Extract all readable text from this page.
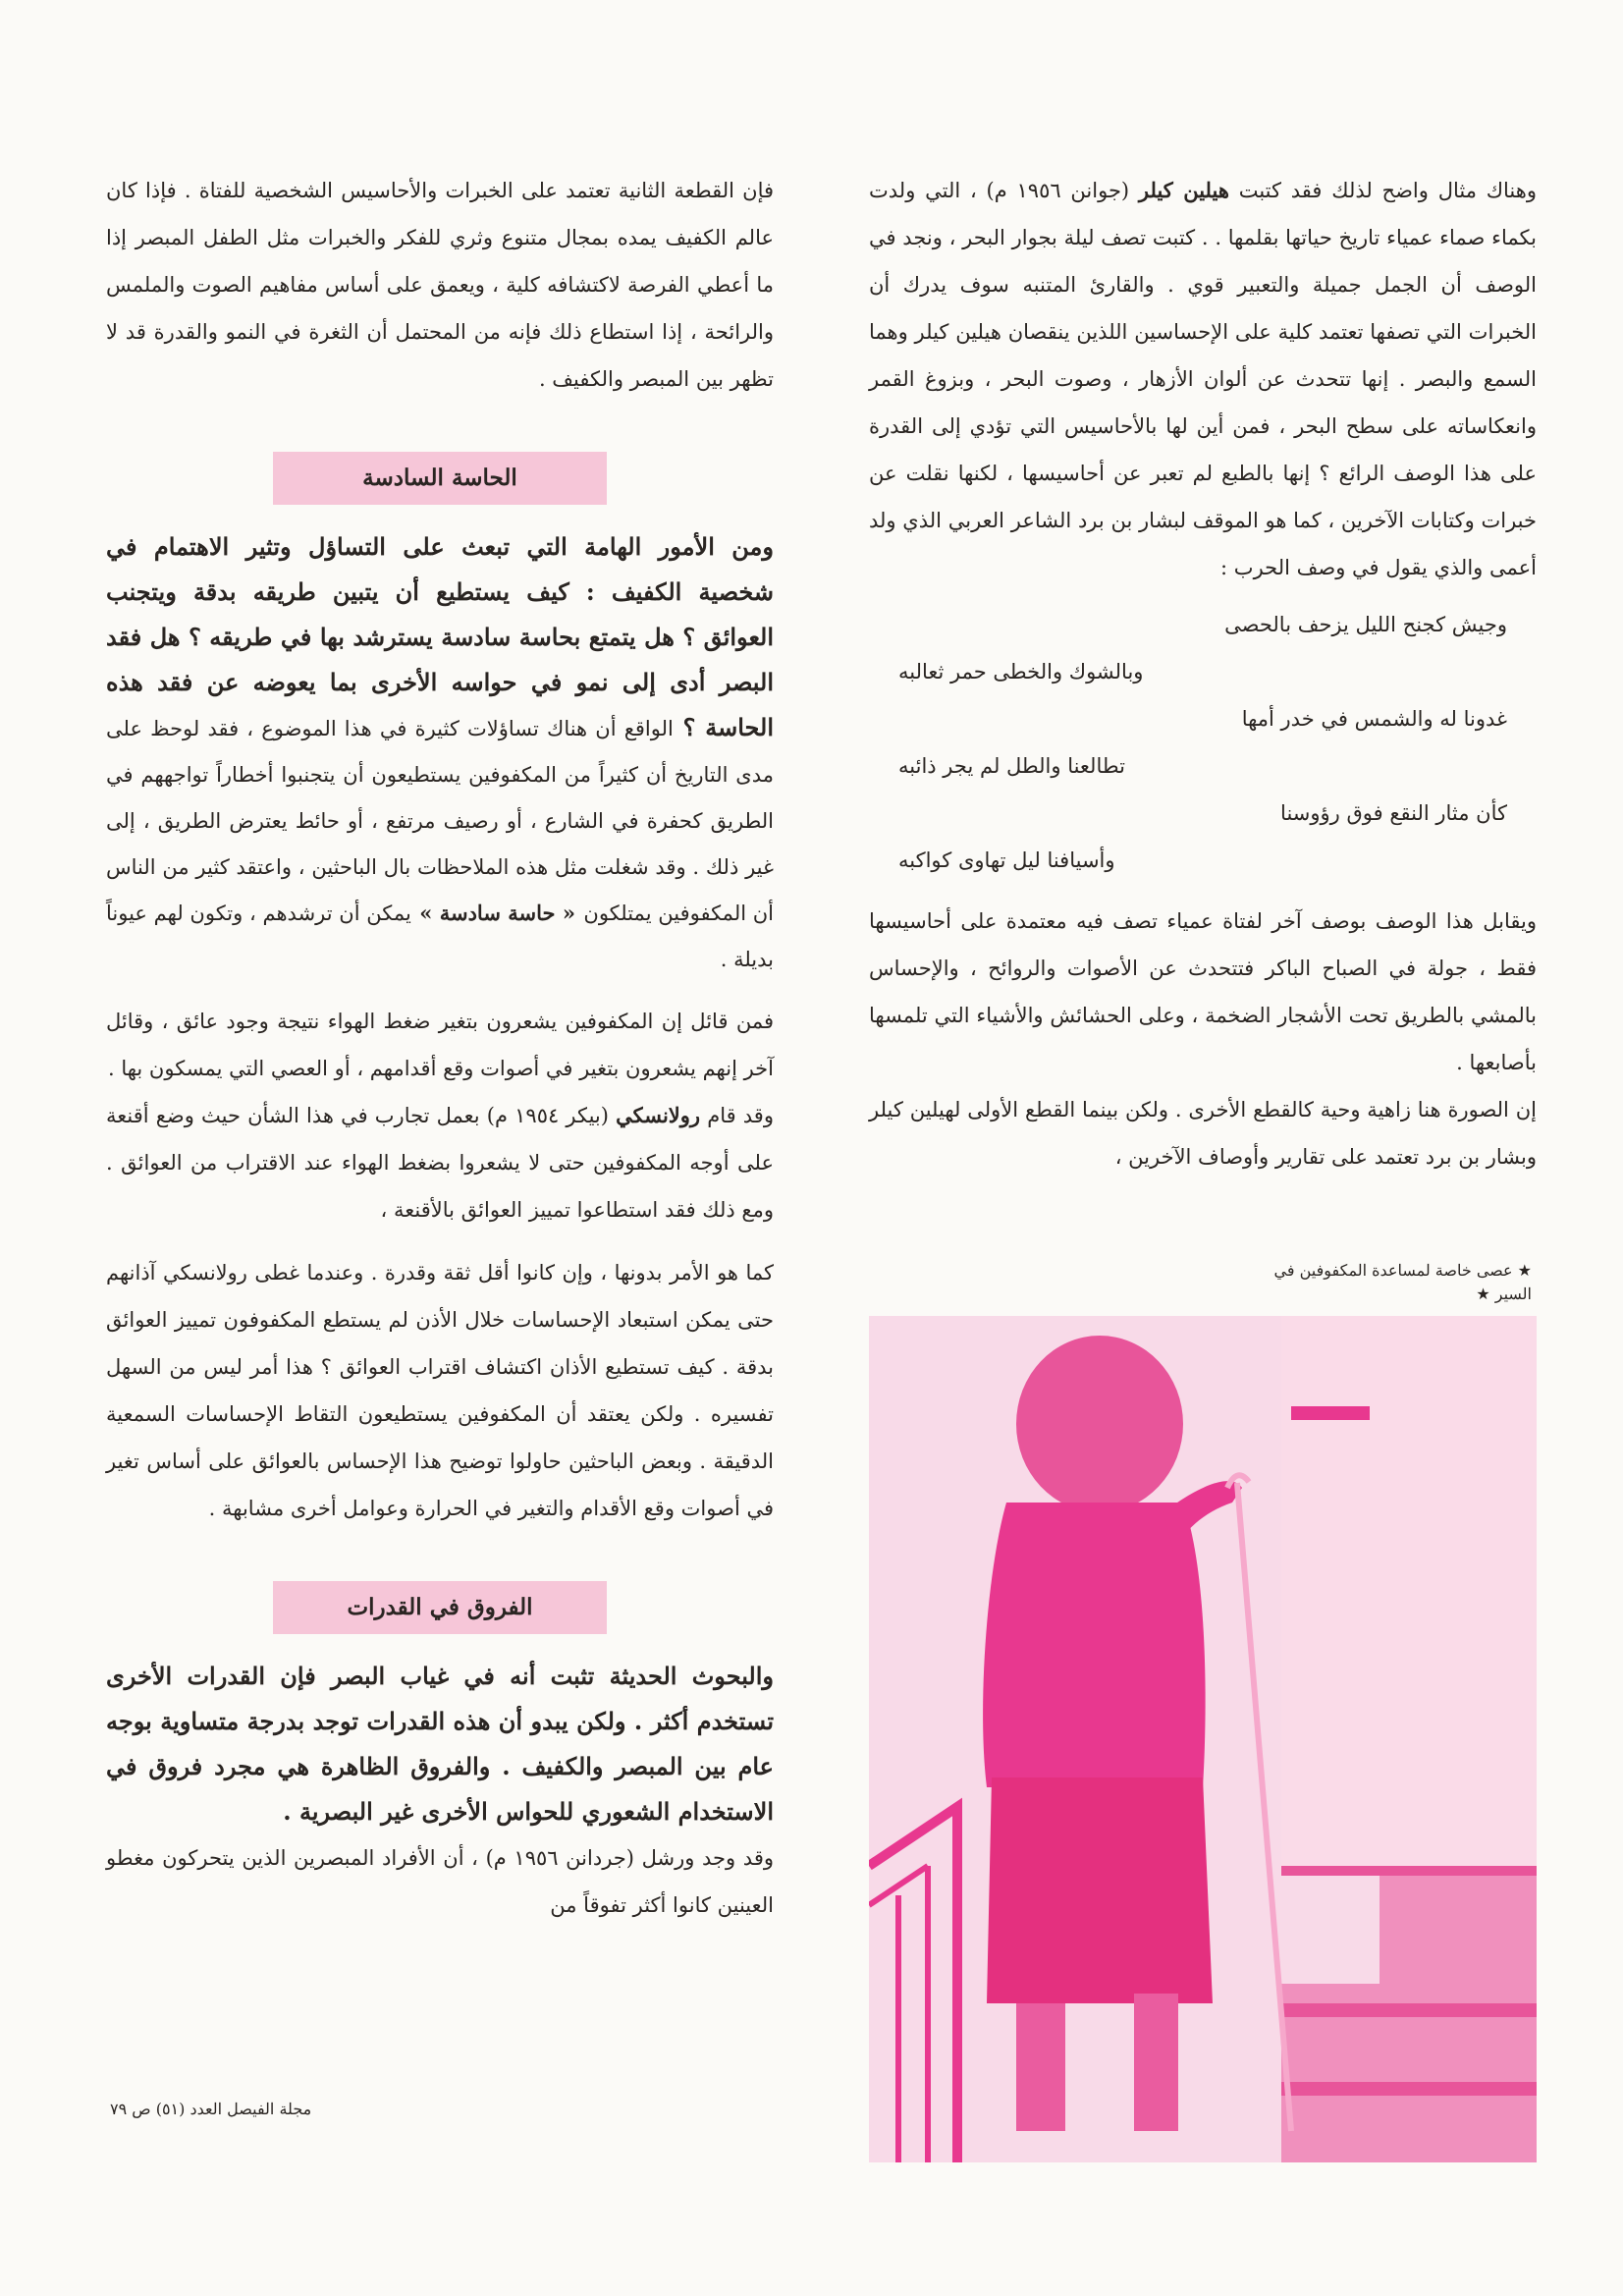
وهناك مثال واضح لذلك فقد كتبت هيلين كيلر (جوانن ١٩٥٦ م) ، التي ولدت بكماء صماء عمياء تاريخ حياتها بقلمها . . كتبت تصف ليلة بجوار البحر ، ونجد في الوصف أن الجمل جميلة والتعبير قوي . والقارئ المتنبه سوف يدرك أن الخبرات التي تصفها تعتمد كلية على الإحساسين اللذين ينقصان هيلين كيلر وهما السمع والبصر . إنها تتحدث عن ألوان الأزهار ، وصوت البحر ، وبزوغ القمر وانعكاساته على سطح البحر ، فمن أين لها بالأحاسيس التي تؤدي إلى القدرة على هذا الوصف الرائع ؟ إنها بالطبع لم تعبر عن أحاسيسها ، لكنها نقلت عن خبرات وكتابات الآخرين ، كما هو الموقف لبشار بن برد الشاعر العربي الذي ولد أعمى والذي يقول في وصف الحرب :

وجيش كجنح الليل يزحف بالحصى
وبالشوك والخطى حمر ثعالبه
غدونا له والشمس في خدر أمها
تطالعنا والطل لم يجر ذائبه
كأن مثار النقع فوق رؤوسنا
وأسيافنا ليل تهاوى كواكبه

ويقابل هذا الوصف بوصف آخر لفتاة عمياء تصف فيه معتمدة على أحاسيسها فقط ، جولة في الصباح الباكر فتتحدث عن الأصوات والروائح ، والإحساس بالمشي بالطريق تحت الأشجار الضخمة ، وعلى الحشائش والأشياء التي تلمسها بأصابعها .

إن الصورة هنا زاهية وحية كالقطع الأخرى . ولكن بينما القطع الأولى لهيلين كيلر وبشار بن برد تعتمد على تقارير وأوصاف الآخرين ،

★ عصى خاصة لمساعدة المكفوفين في السير ★

فإن القطعة الثانية تعتمد على الخبرات والأحاسيس الشخصية للفتاة . فإذا كان عالم الكفيف يمده بمجال متنوع وثري للفكر والخبرات مثل الطفل المبصر إذا ما أعطي الفرصة لاكتشافه كلية ، ويعمق على أساس مفاهيم الصوت والملمس والرائحة ، إذا استطاع ذلك فإنه من المحتمل أن الثغرة في النمو والقدرة قد لا تظهر بين المبصر والكفيف .

الحاسة السادسة

ومن الأمور الهامة التي تبعث على التساؤل وتثير الاهتمام في شخصية الكفيف : كيف يستطيع أن يتبين طريقه بدقة ويتجنب العوائق ؟ هل يتمتع بحاسة سادسة يسترشد بها في طريقه ؟ هل فقد البصر أدى إلى نمو في حواسه الأخرى بما يعوضه عن فقد هذه الحاسة ؟ الواقع أن هناك تساؤلات كثيرة في هذا الموضوع ، فقد لوحظ على مدى التاريخ أن كثيراً من المكفوفين يستطيعون أن يتجنبوا أخطاراً تواجههم في الطريق كحفرة في الشارع ، أو رصيف مرتفع ، أو حائط يعترض الطريق ، إلى غير ذلك . وقد شغلت مثل هذه الملاحظات بال الباحثين ، واعتقد كثير من الناس أن المكفوفين يمتلكون « حاسة سادسة » يمكن أن ترشدهم ، وتكون لهم عيوناً بديلة .

فمن قائل إن المكفوفين يشعرون بتغير ضغط الهواء نتيجة وجود عائق ، وقائل آخر إنهم يشعرون بتغير في أصوات وقع أقدامهم ، أو العصي التي يمسكون بها .

وقد قام رولانسكي (بيكر ١٩٥٤ م) بعمل تجارب في هذا الشأن حيث وضع أقنعة على أوجه المكفوفين حتى لا يشعروا بضغط الهواء عند الاقتراب من العوائق . ومع ذلك فقد استطاعوا تمييز العوائق بالأقنعة ،

كما هو الأمر بدونها ، وإن كانوا أقل ثقة وقدرة . وعندما غطى رولانسكي آذانهم حتى يمكن استبعاد الإحساسات خلال الأذن لم يستطع المكفوفون تمييز العوائق بدقة . كيف تستطيع الأذان اكتشاف اقتراب العوائق ؟ هذا أمر ليس من السهل تفسيره . ولكن يعتقد أن المكفوفين يستطيعون التقاط الإحساسات السمعية الدقيقة . وبعض الباحثين حاولوا توضيح هذا الإحساس بالعوائق على أساس تغير في أصوات وقع الأقدام والتغير في الحرارة وعوامل أخرى مشابهة .

الفروق في القدرات

والبحوث الحديثة تثبت أنه في غياب البصر فإن القدرات الأخرى تستخدم أكثر . ولكن يبدو أن هذه القدرات توجد بدرجة متساوية بوجه عام بين المبصر والكفيف . والفروق الظاهرة هي مجرد فروق في الاستخدام الشعوري للحواس الأخرى غير البصرية .

وقد وجد ورشل (جردانن ١٩٥٦ م) ، أن الأفراد المبصرين الذين يتحركون مغطو العينين كانوا أكثر تفوقاً من

مجلة الفيصل العدد (٥١) ص ٧٩
